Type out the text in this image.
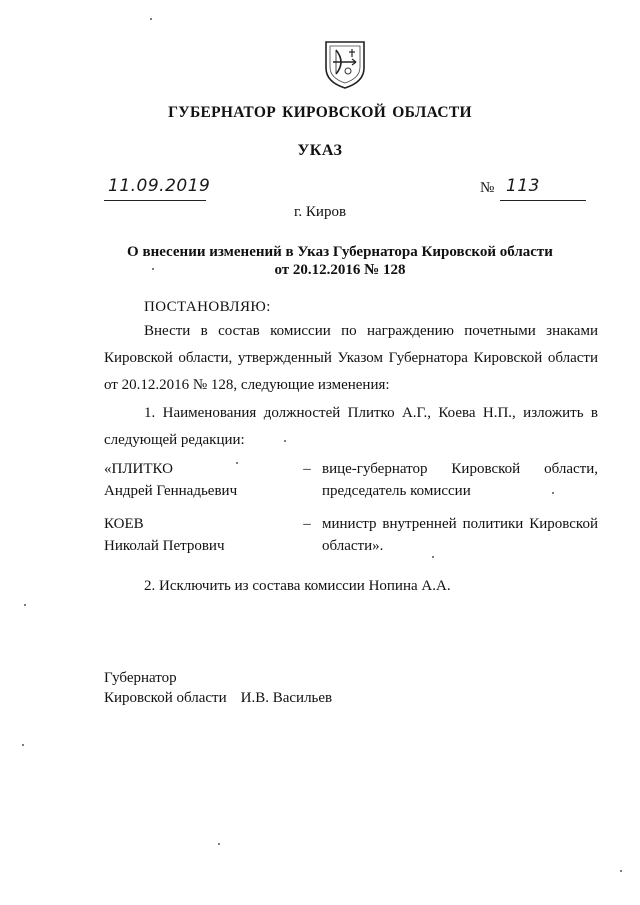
ГУБЕРНАТОР КИРОВСКОЙ ОБЛАСТИ
УКАЗ
11.09.2019	№ 113
г. Киров
О внесении изменений в Указ Губернатора Кировской области
от 20.12.2016 № 128
ПОСТАНОВЛЯЮ:
Внести в состав комиссии по награждению почетными знаками Кировской области, утвержденный Указом Губернатора Кировской области от 20.12.2016 № 128, следующие изменения:
1. Наименования должностей Плитко А.Г., Коева Н.П., изложить в следующей редакции:
«ПЛИТКО
Андрей Геннадьевич
– вице-губернатор Кировской области, председатель комиссии
КОЕВ
Николай Петрович
– министр внутренней политики Кировской области».
2. Исключить из состава комиссии Нопина А.А.
Губернатор
Кировской области И.В. Васильев
